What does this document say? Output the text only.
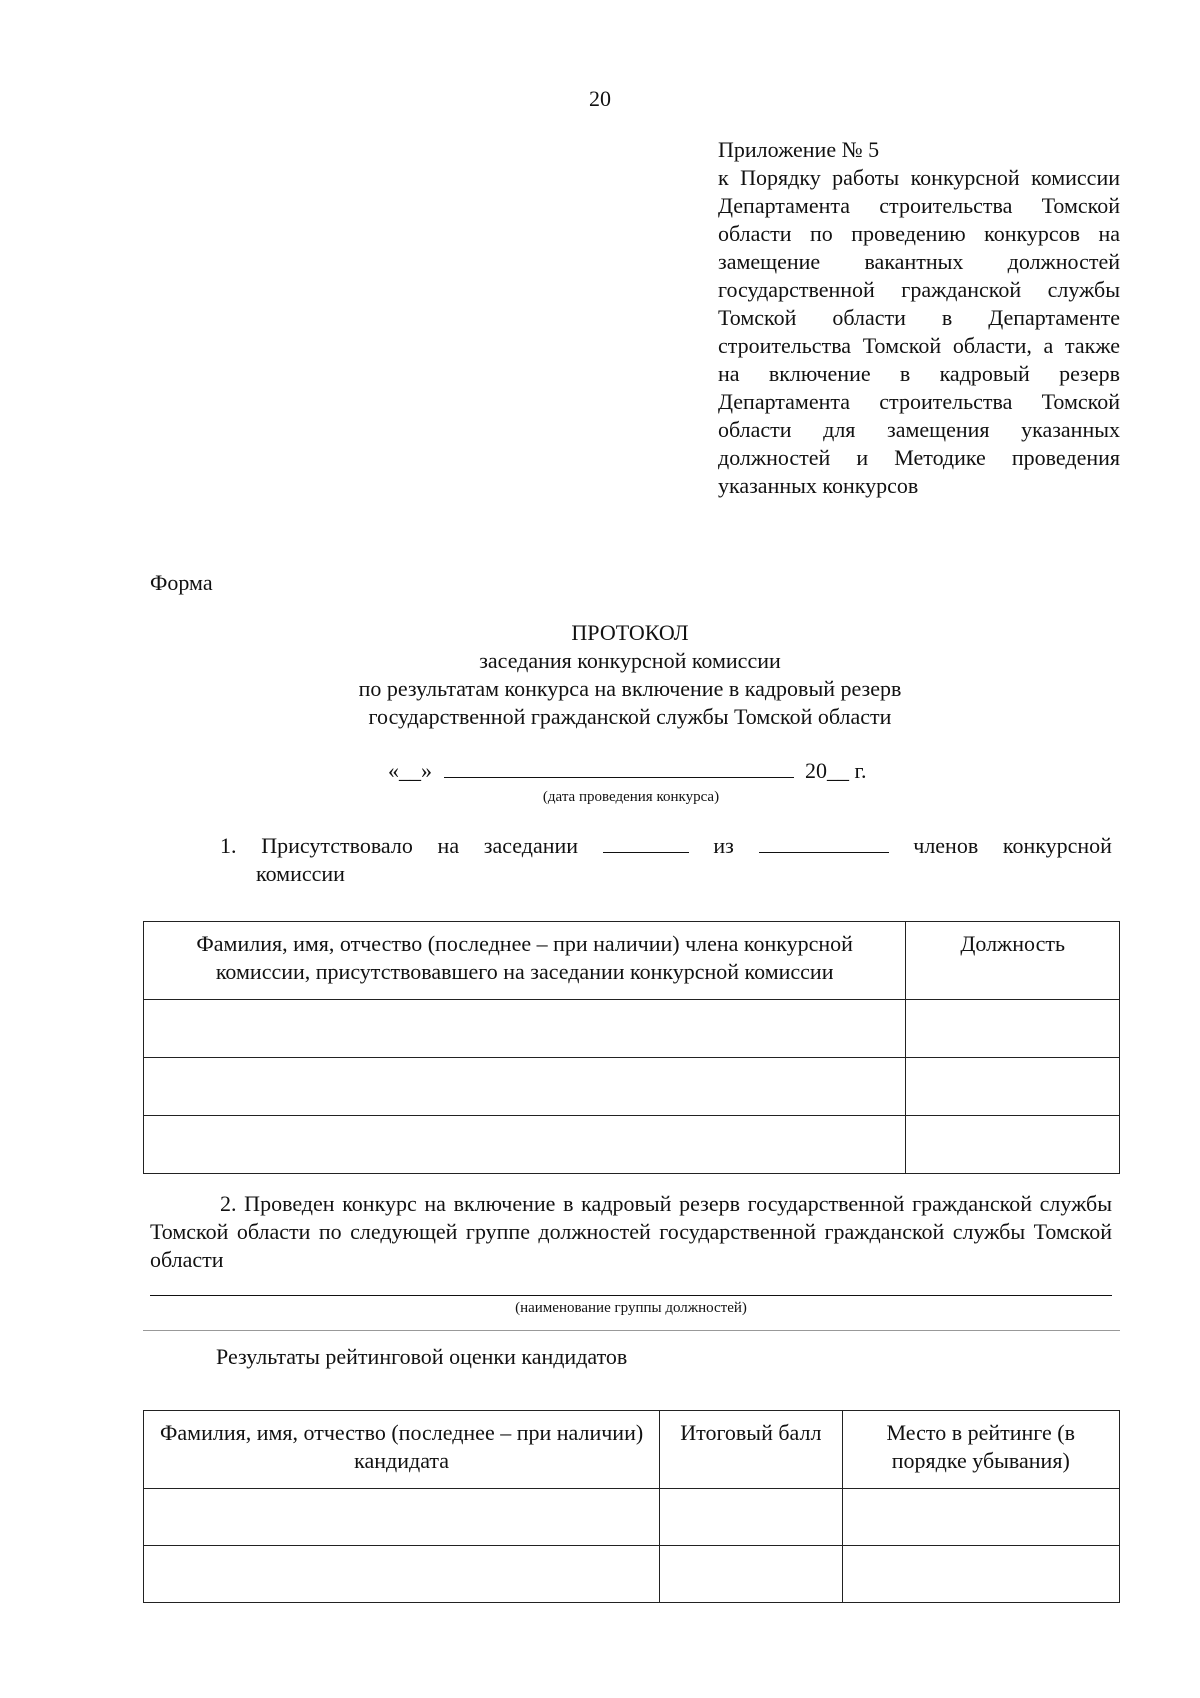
20
Приложение № 5
к Порядку работы конкурсной комиссии Департамента строительства Томской области по проведению конкурсов на замещение вакантных должностей государственной гражданской службы Томской области в Департаменте строительства Томской области, а также на включение в кадровый резерв Департамента строительства Томской области для замещения указанных должностей и Методике проведения указанных конкурсов
Форма
ПРОТОКОЛ
заседания конкурсной комиссии
по результатам конкурса на включение в кадровый резерв
государственной гражданской службы Томской области
«__»	20__ г.
(дата проведения конкурса)
1. Присутствовало на заседании	из	членов конкурсной
комиссии
Фамилия, имя, отчество (последнее – при наличии) члена конкурсной комиссии, присутствовавшего на заседании конкурсной комиссии	Должность

2. Проведен конкурс на включение в кадровый резерв государственной гражданской службы Томской области по следующей группе должностей государственной гражданской службы Томской области
(наименование группы должностей)
Результаты рейтинговой оценки кандидатов
Фамилия, имя, отчество (последнее – при наличии) кандидата	Итоговый балл	Место в рейтинге (в порядке убывания)
